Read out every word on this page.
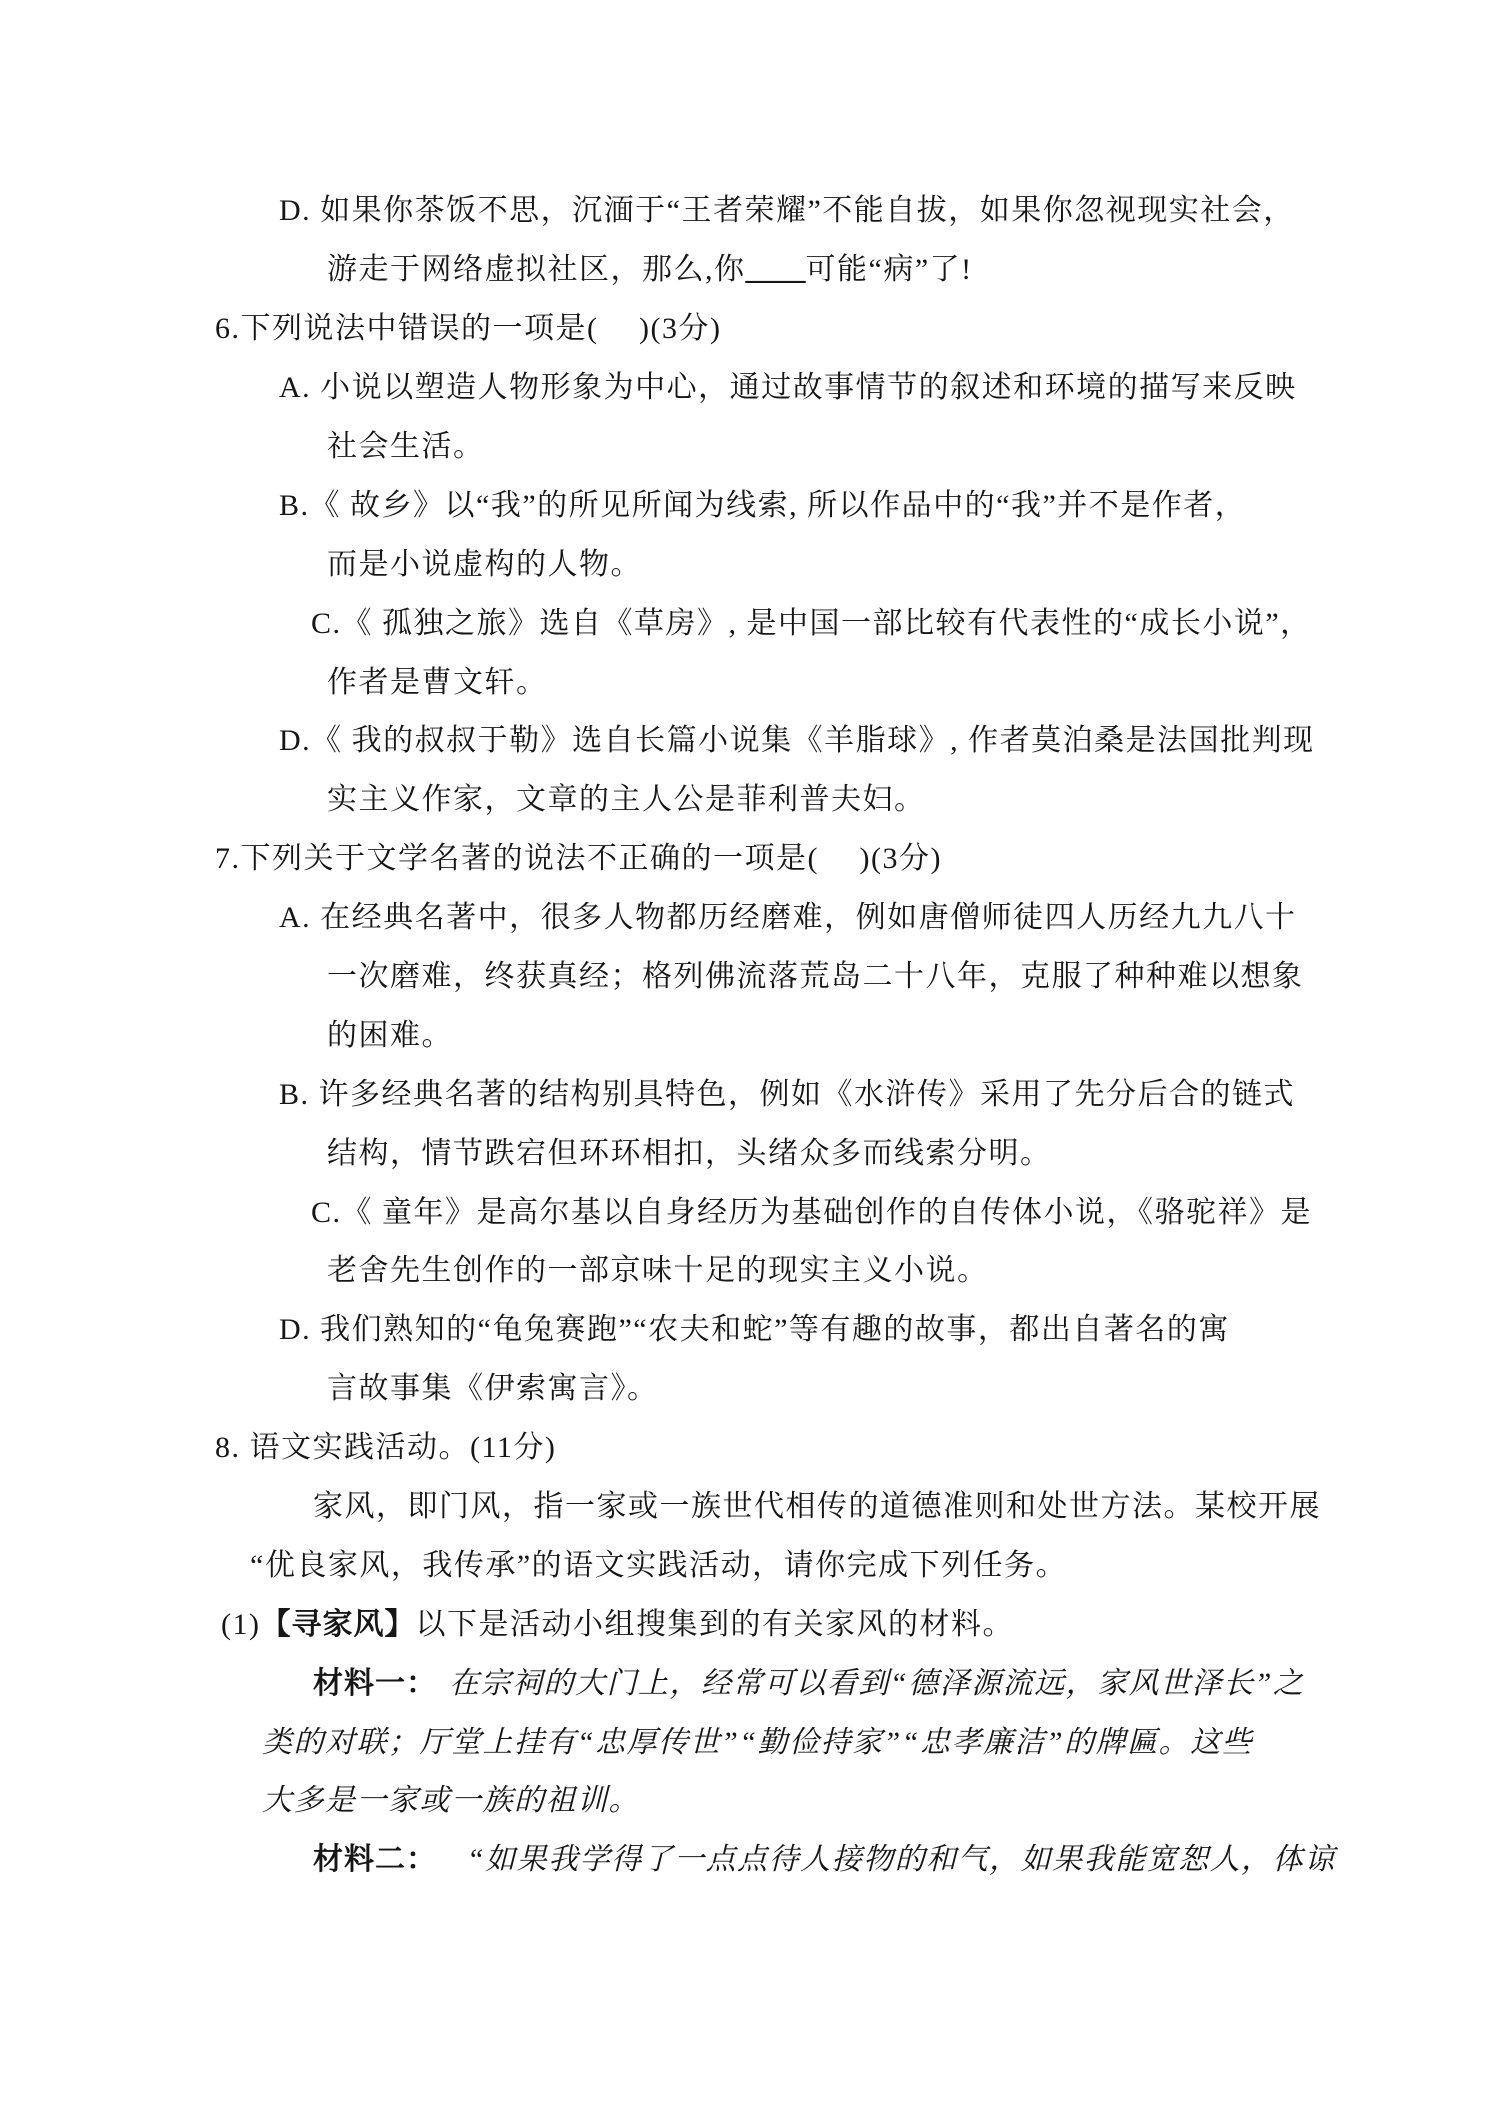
D. 如果你茶饭不思，沉湎于“王者荣耀”不能自拔，如果你忽视现实社会，
游走于网络虚拟社区，那么,你 ____ 可能“病”了!
6.下列说法中错误的一项是(　 )(3分)
A. 小说以塑造人物形象为中心，通过故事情节的叙述和环境的描写来反映
社会生活。
B.《 故乡》以“我”的所见所闻为线索, 所以作品中的“我”并不是作者，
而是小说虚构的人物。
C.《 孤独之旅》选自《草房》, 是中国一部比较有代表性的“成长小说”，
作者是曹文轩。
D.《 我的叔叔于勒》选自长篇小说集《羊脂球》, 作者莫泊桑是法国批判现
实主义作家，文章的主人公是菲利普夫妇。
7.下列关于文学名著的说法不正确的一项是(　 )(3分)
A. 在经典名著中，很多人物都历经磨难，例如唐僧师徒四人历经九九八十
一次磨难，终获真经；格列佛流落荒岛二十八年，克服了种种难以想象
的困难。
B. 许多经典名著的结构别具特色，例如《水浒传》采用了先分后合的链式
结构，情节跌宕但环环相扣，头绪众多而线索分明。
C.《 童年》是高尔基以自身经历为基础创作的自传体小说，《骆驼祥》是
老舍先生创作的一部京味十足的现实主义小说。
D. 我们熟知的“龟兔赛跑”“农夫和蛇”等有趣的故事，都出自著名的寓
言故事集《伊索寓言》。
8. 语文实践活动。(11分)
家风，即门风，指一家或一族世代相传的道德准则和处世方法。某校开展
“优良家风，我传承”的语文实践活动，请你完成下列任务。
(1) 【寻家风】 以下是活动小组搜集到的有关家风的材料。
材料一： 在宗祠的大门上，经常可以看到“德泽源流远，家风世泽长”之
类的对联；厅堂上挂有“忠厚传世”“勤俭持家”“忠孝廉洁”的牌匾。这些
大多是一家或一族的祖训。
材料二： “如果我学得了一点点待人接物的和气，如果我能宽恕人，体谅
